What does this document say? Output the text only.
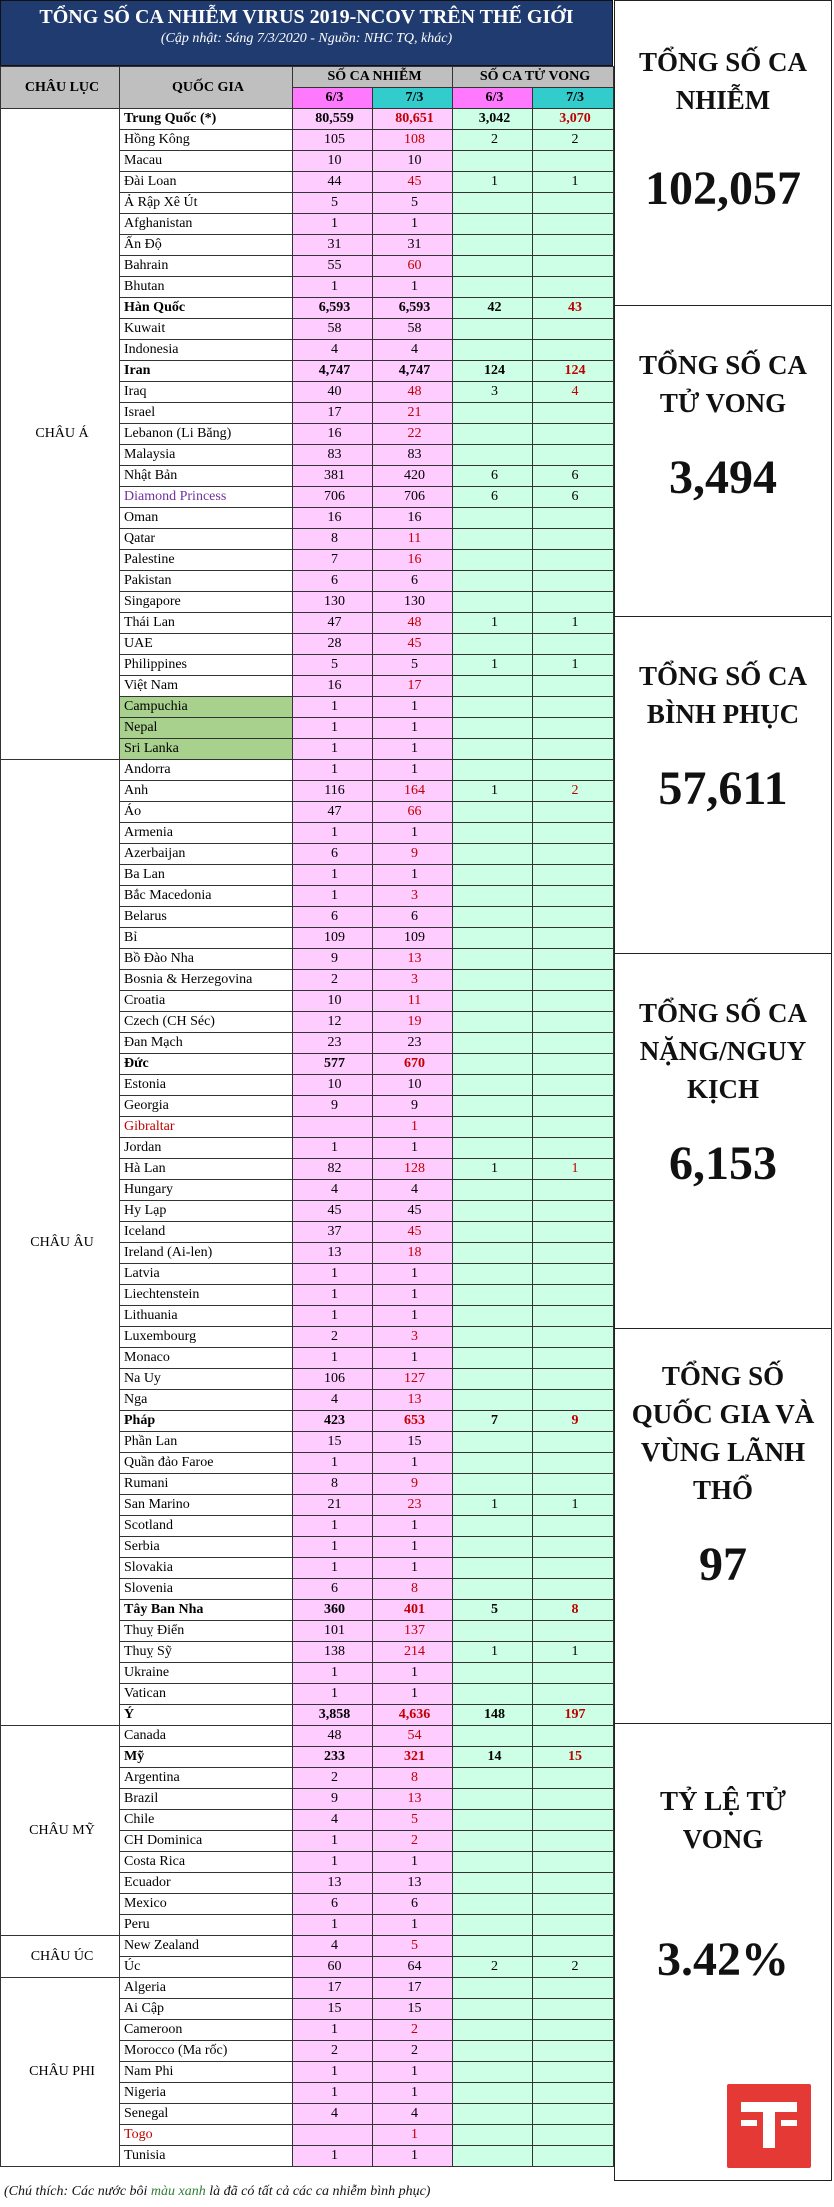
TỔNG SỐ CA NHIỄM VIRUS 2019-NCOV TRÊN THẾ GIỚI
(Cập nhật: Sáng 7/3/2020 - Nguồn: NHC TQ, khác)
CHÂU LỤC	QUỐC GIA	SỐ CA NHIỄM		SỐ CA TỬ VONG	
		6/3	7/3	6/3	7/3
CHÂU Á	Trung Quốc (*)	80,559	80,651	3,042	3,070
	Hồng Kông	105	108	2	2
	Macau	10	10		
	Đài Loan	44	45	1	1
	Ả Rập Xê Út	5	5		
	Afghanistan	1	1		
	Ấn Độ	31	31		
	Bahrain	55	60		
	Bhutan	1	1		
	Hàn Quốc	6,593	6,593	42	43
	Kuwait	58	58		
	Indonesia	4	4		
	Iran	4,747	4,747	124	124
	Iraq	40	48	3	4
	Israel	17	21		
	Lebanon (Li Băng)	16	22		
	Malaysia	83	83		
	Nhật Bản	381	420	6	6
	Diamond Princess	706	706	6	6
	Oman	16	16		
	Qatar	8	11		
	Palestine	7	16		
	Pakistan	6	6		
	Singapore	130	130		
	Thái Lan	47	48	1	1
	UAE	28	45		
	Philippines	5	5	1	1
	Việt Nam	16	17		
	Campuchia	1	1		
	Nepal	1	1		
	Sri Lanka	1	1		
CHÂU ÂU	Andorra	1	1		
	Anh	116	164	1	2
	Áo	47	66		
	Armenia	1	1		
	Azerbaijan	6	9		
	Ba Lan	1	1		
	Bắc Macedonia	1	3		
	Belarus	6	6		
	Bỉ	109	109		
	Bồ Đào Nha	9	13		
	Bosnia & Herzegovina	2	3		
	Croatia	10	11		
	Czech (CH Séc)	12	19		
	Đan Mạch	23	23		
	Đức	577	670		
	Estonia	10	10		
	Georgia	9	9		
	Gibraltar		1		
	Jordan	1	1		
	Hà Lan	82	128	1	1
	Hungary	4	4		
	Hy Lạp	45	45		
	Iceland	37	45		
	Ireland (Ai-len)	13	18		
	Latvia	1	1		
	Liechtenstein	1	1		
	Lithuania	1	1		
	Luxembourg	2	3		
	Monaco	1	1		
	Na Uy	106	127		
	Nga	4	13		
	Pháp	423	653	7	9
	Phần Lan	15	15		
	Quần đảo Faroe	1	1		
	Rumani	8	9		
	San Marino	21	23	1	1
	Scotland	1	1		
	Serbia	1	1		
	Slovakia	1	1		
	Slovenia	6	8		
	Tây Ban Nha	360	401	5	8
	Thuỵ Điển	101	137		
	Thuỵ Sỹ	138	214	1	1
	Ukraine	1	1		
	Vatican	1	1		
	Ý	3,858	4,636	148	197
CHÂU MỸ	Canada	48	54		
	Mỹ	233	321	14	15
	Argentina	2	8		
	Brazil	9	13		
	Chile	4	5		
	CH Dominica	1	2		
	Costa Rica	1	1		
	Ecuador	13	13		
	Mexico	6	6		
	Peru	1	1		
CHÂU ÚC	New Zealand	4	5		
	Úc	60	64	2	2
CHÂU PHI	Algeria	17	17		
	Ai Cập	15	15		
	Cameroon	1	2		
	Morocco (Ma rốc)	2	2		
	Nam Phi	1	1		
	Nigeria	1	1		
	Senegal	4	4		
	Togo		1		
	Tunisia	1	1		
TỔNG SỐ CA NHIỄM
102,057
TỔNG SỐ CA TỬ VONG
3,494
TỔNG SỐ CA BÌNH PHỤC
57,611
TỔNG SỐ CA NẶNG/NGUY KỊCH
6,153
TỔNG SỐ QUỐC GIA VÀ VÙNG LÃNH THỔ
97
TỶ LỆ TỬ VONG
3.42%
(Chú thích: Các nước bôi màu xanh là đã có tất cả các ca nhiễm bình phục)
